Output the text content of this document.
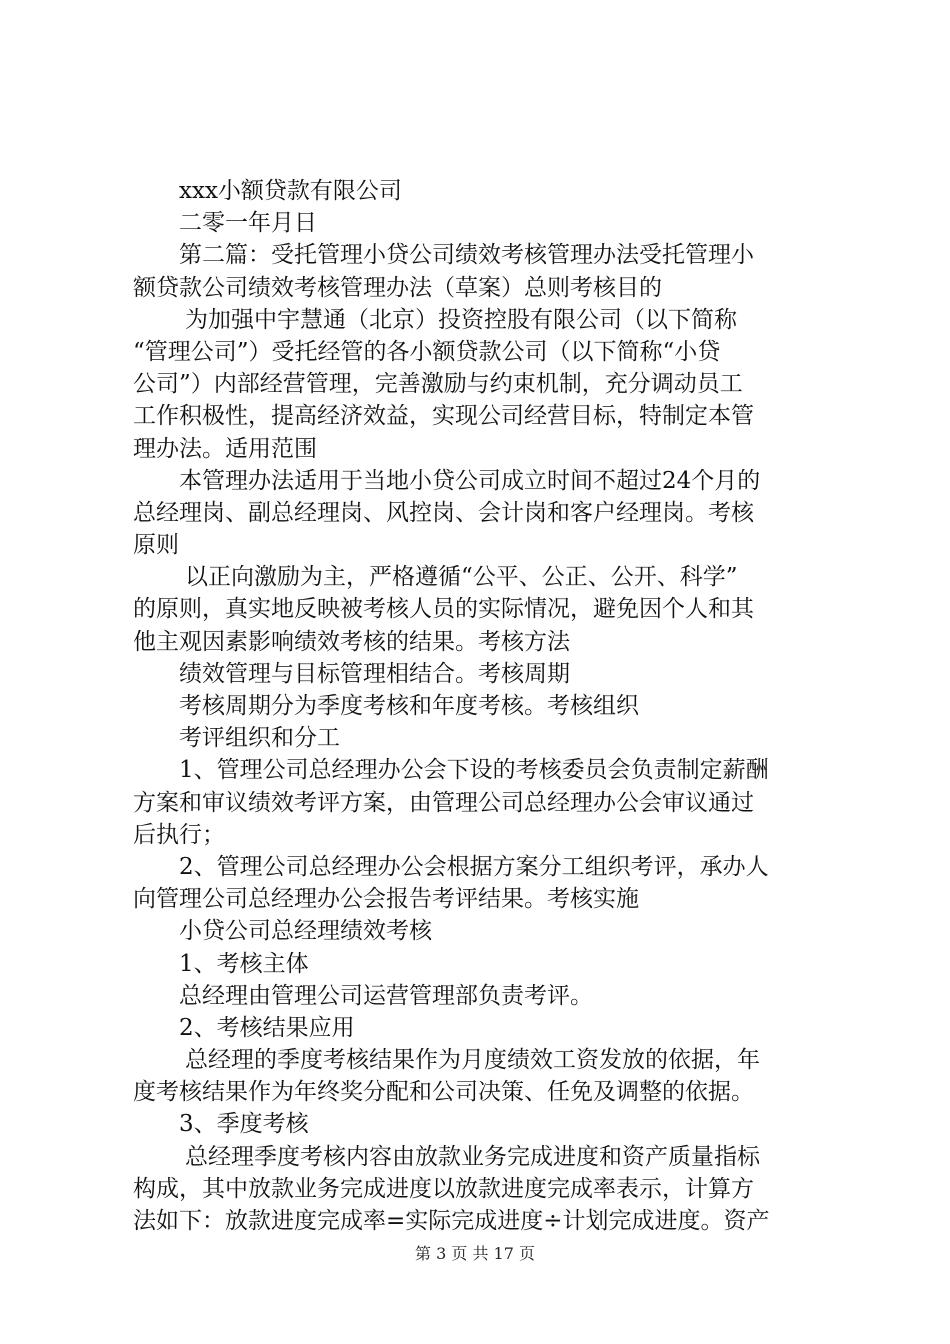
xxx小额贷款有限公司
二零一年月日
第二篇：受托管理小贷公司绩效考核管理办法受托管理小
额贷款公司绩效考核管理办法（草案）总则考核目的
为加强中宇慧通（北京）投资控股有限公司（以下简称
“管理公司”）受托经管的各小额贷款公司（以下简称“小贷
公司”）内部经营管理，完善激励与约束机制，充分调动员工
工作积极性，提高经济效益，实现公司经营目标，特制定本管
理办法。适用范围
本管理办法适用于当地小贷公司成立时间不超过24个月的
总经理岗、副总经理岗、风控岗、会计岗和客户经理岗。考核
原则
以正向激励为主，严格遵循“公平、公正、公开、科学”
的原则，真实地反映被考核人员的实际情况，避免因个人和其
他主观因素影响绩效考核的结果。考核方法
绩效管理与目标管理相结合。考核周期
考核周期分为季度考核和年度考核。考核组织
考评组织和分工
1、管理公司总经理办公会下设的考核委员会负责制定薪酬
方案和审议绩效考评方案，由管理公司总经理办公会审议通过
后执行；
2、管理公司总经理办公会根据方案分工组织考评，承办人
向管理公司总经理办公会报告考评结果。考核实施
小贷公司总经理绩效考核
1、考核主体
总经理由管理公司运营管理部负责考评。
2、考核结果应用
总经理的季度考核结果作为月度绩效工资发放的依据，年
度考核结果作为年终奖分配和公司决策、任免及调整的依据。
3、季度考核
总经理季度考核内容由放款业务完成进度和资产质量指标
构成，其中放款业务完成进度以放款进度完成率表示，计算方
法如下：放款进度完成率=实际完成进度÷计划完成进度。资产
第 3 页 共 17 页
